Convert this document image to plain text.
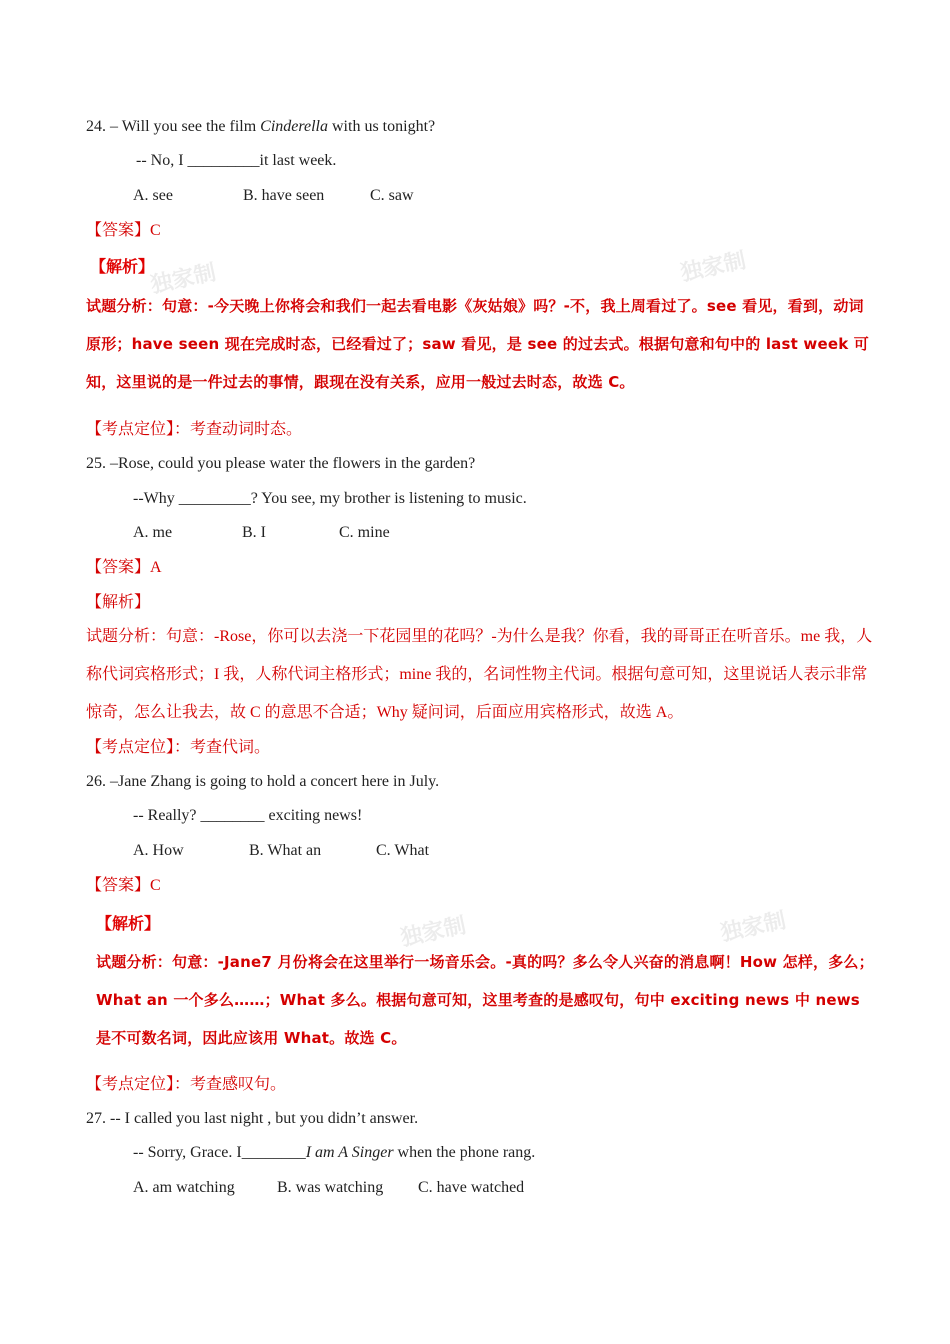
独家制	独家制
独家制	独家制
24. – Will you see the film Cinderella with us tonight?
-- No, I _________it last week.
A. see	B. have seen	C. saw
【答案】C
【解析】
试题分析：句意：-今天晚上你将会和我们一起去看电影《灰姑娘》吗？-不，我上周看过了。see 看见，看到，动词原形；have seen 现在完成时态，已经看过了；saw 看见，是 see 的过去式。根据句意和句中的 last week 可知，这里说的是一件过去的事情，跟现在没有关系，应用一般过去时态，故选 C。
【考点定位】：考查动词时态。
25. –Rose, could you please water the flowers in the garden?
--Why _________? You see, my brother is listening to music.
A. me	B. I	C. mine
【答案】A
【解析】
试题分析：句意：-Rose，你可以去浇一下花园里的花吗？-为什么是我？你看，我的哥哥正在听音乐。me 我，人称代词宾格形式；I 我，人称代词主格形式；mine 我的，名词性物主代词。根据句意可知，这里说话人表示非常惊奇，怎么让我去，故 C 的意思不合适；Why 疑问词，后面应用宾格形式，故选 A。
【考点定位】：考查代词。
26. –Jane Zhang is going to hold a concert here in July.
-- Really? ________ exciting news!
A. How	B. What an	C. What
【答案】C
【解析】
试题分析：句意：-Jane7 月份将会在这里举行一场音乐会。-真的吗？多么令人兴奋的消息啊！How 怎样，多么；What an 一个多么……；What 多么。根据句意可知，这里考查的是感叹句，句中 exciting news 中 news 是不可数名词，因此应该用 What。故选 C。
【考点定位】：考查感叹句。
27. -- I called you last night , but you didn’t answer.
-- Sorry, Grace. I________I am A Singer when the phone rang.
A. am watching	B. was watching C. have watched
